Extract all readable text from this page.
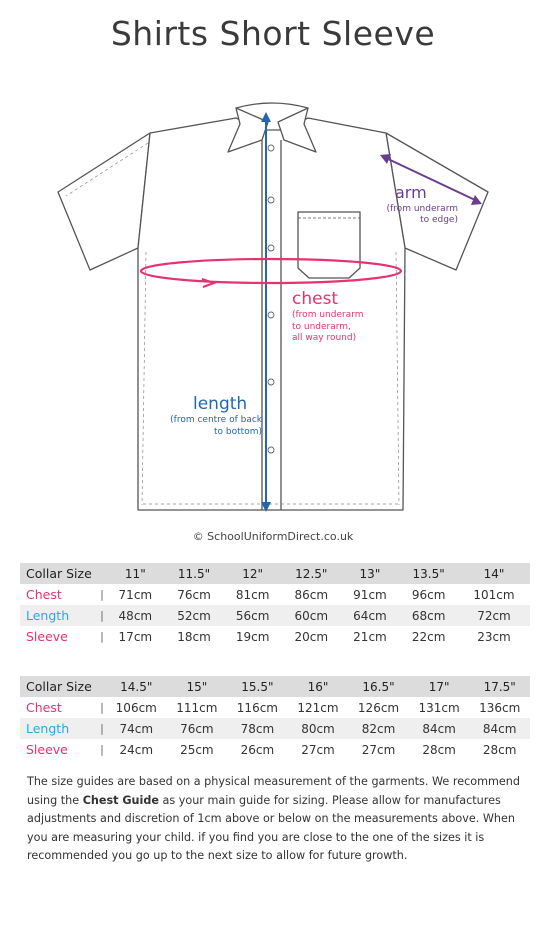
Shirts Short Sleeve
arm
(from underarm
to edge)
chest
(from underarm
to underarm,
all way round)
length
(from centre of back
to bottom)
© SchoolUniformDirect.co.uk
Collar Size		11"	11.5"	12"	12.5"	13"	13.5"	14"
Chest	|	71cm	76cm	81cm	86cm	91cm	96cm	101cm
Length	|	48cm	52cm	56cm	60cm	64cm	68cm	72cm
Sleeve	|	17cm	18cm	19cm	20cm	21cm	22cm	23cm
Collar Size		14.5"	15"	15.5"	16"	16.5"	17"	17.5"
Chest	|	106cm	111cm	116cm	121cm	126cm	131cm	136cm
Length	|	74cm	76cm	78cm	80cm	82cm	84cm	84cm
Sleeve	|	24cm	25cm	26cm	27cm	27cm	28cm	28cm
The size guides are based on a physical measurement of the garments. We recommend using the Chest Guide as your main guide for sizing. Please allow for manufactures adjustments and discretion of 1cm above or below on the measurements above. When you are measuring your child. if you find you are close to the one of the sizes it is recommended you go up to the next size to allow for future growth.
